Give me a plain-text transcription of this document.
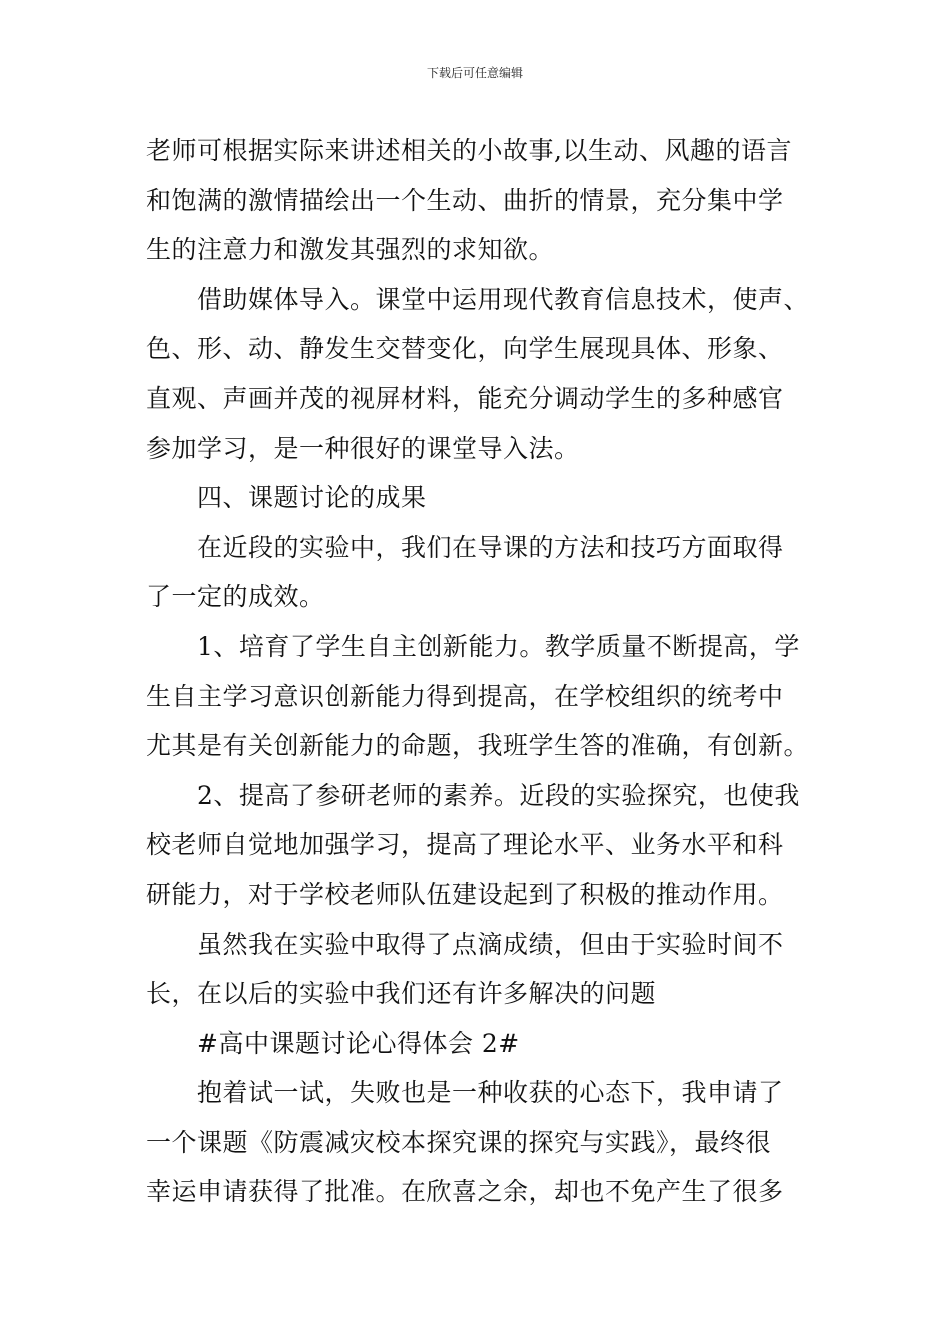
下载后可任意编辑
老师可根据实际来讲述相关的小故事,以生动、风趣的语言
和饱满的激情描绘出一个生动、曲折的情景，充分集中学
生的注意力和激发其强烈的求知欲。
借助媒体导入。课堂中运用现代教育信息技术，使声、
色、形、动、静发生交替变化，向学生展现具体、形象、
直观、声画并茂的视屏材料，能充分调动学生的多种感官
参加学习，是一种很好的课堂导入法。
四、课题讨论的成果
在近段的实验中，我们在导课的方法和技巧方面取得
了一定的成效。
1、培育了学生自主创新能力。教学质量不断提高，学
生自主学习意识创新能力得到提高，在学校组织的统考中
尤其是有关创新能力的命题，我班学生答的准确，有创新。
2、提高了参研老师的素养。近段的实验探究，也使我
校老师自觉地加强学习，提高了理论水平、业务水平和科
研能力，对于学校老师队伍建设起到了积极的推动作用。
虽然我在实验中取得了点滴成绩，但由于实验时间不
长，在以后的实验中我们还有许多解决的问题
#高中课题讨论心得体会 2#
抱着试一试，失败也是一种收获的心态下，我申请了
一个课题《防震减灾校本探究课的探究与实践》，最终很
幸运申请获得了批准。在欣喜之余，却也不免产生了很多
